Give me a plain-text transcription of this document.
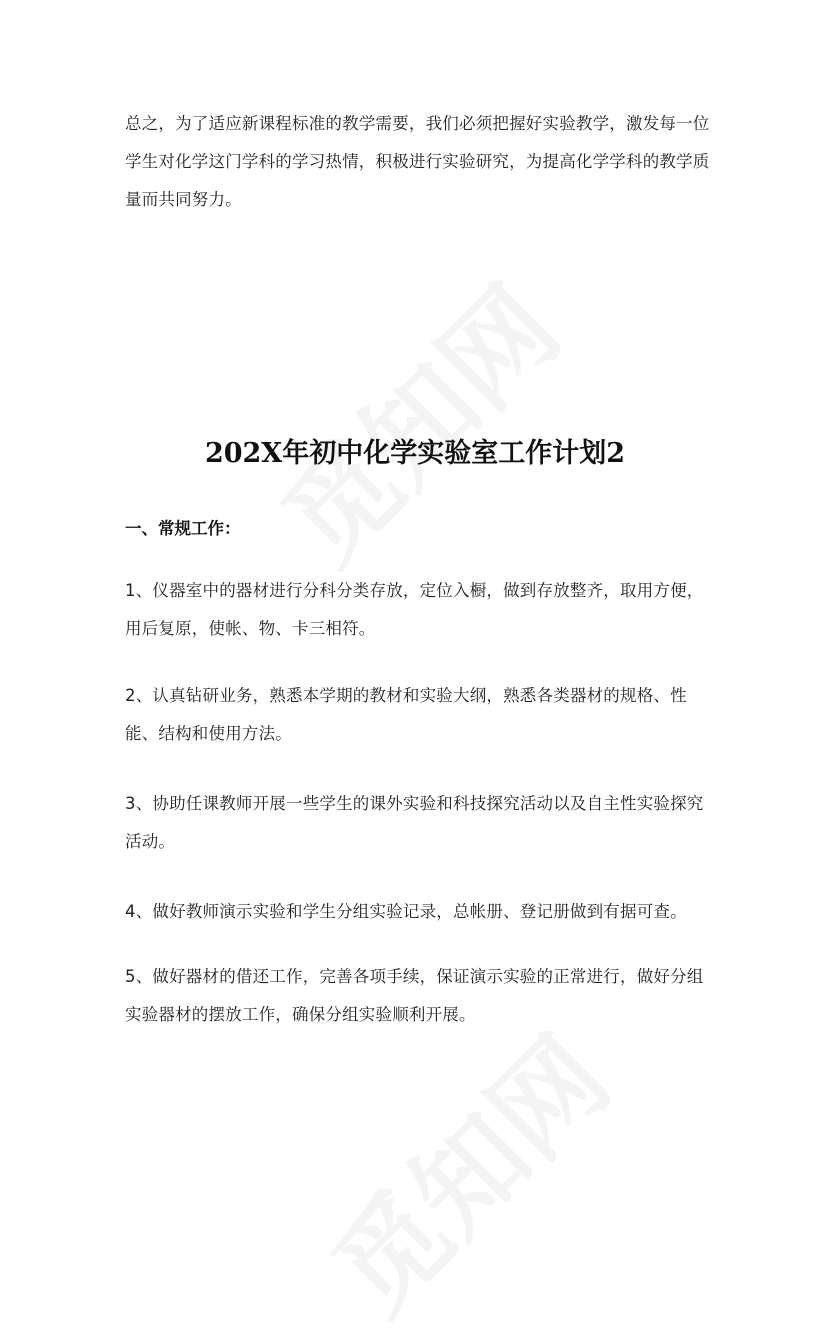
总之，为了适应新课程标准的教学需要，我们必须把握好实验教学，激发每一位学生对化学这门学科的学习热情，积极进行实验研究，为提高化学学科的教学质量而共同努力。

202X年初中化学实验室工作计划2
一、常规工作：

1、仪器室中的器材进行分科分类存放，定位入橱，做到存放整齐，取用方便，用后复原，使帐、物、卡三相符。

2、认真钻研业务，熟悉本学期的教材和实验大纲，熟悉各类器材的规格、性能、结构和使用方法。

3、协助任课教师开展一些学生的课外实验和科技探究活动以及自主性实验探究活动。

4、做好教师演示实验和学生分组实验记录，总帐册、登记册做到有据可查。

5、做好器材的借还工作，完善各项手续，保证演示实验的正常进行，做好分组实验器材的摆放工作，确保分组实验顺利开展。
